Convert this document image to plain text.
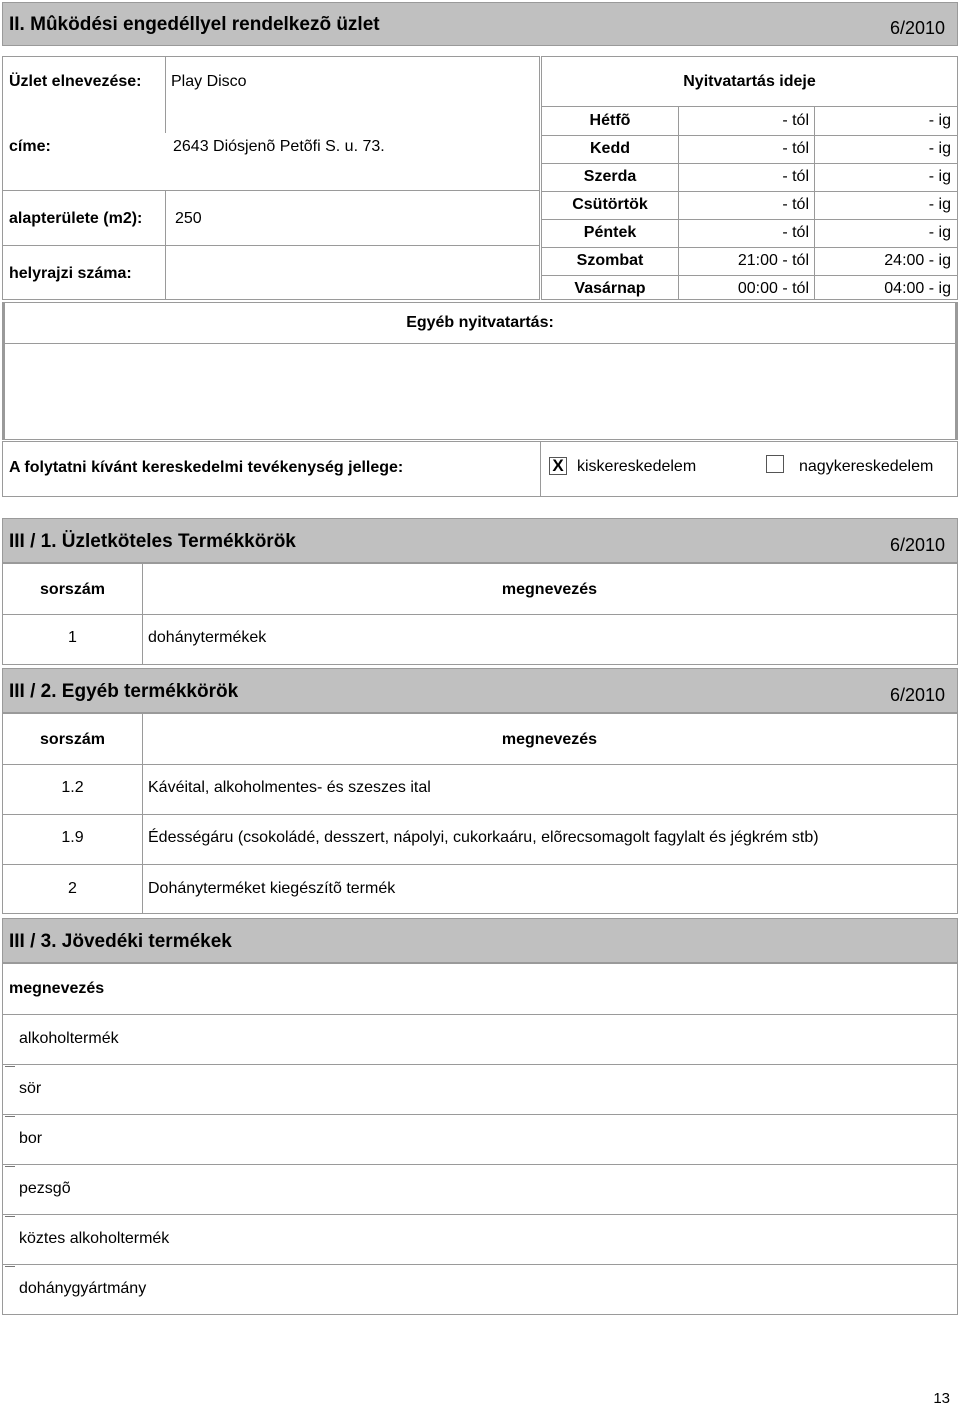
II. Mûködési engedéllyel rendelkezõ üzlet	6/2010
Üzlet elnevezése: Play Disco
címe:	2643 Diósjenõ Petõfi S. u. 73.
alapterülete (m2): 250
helyrajzi száma:
Nyitvatartás ideje
Hétfõ	- tól	- ig
Kedd	- tól	- ig
Szerda	- tól	- ig
Csütörtök	- tól	- ig
Péntek	- tól	- ig
Szombat	21:00 - tól	24:00 - ig
Vasárnap	00:00 - tól	04:00 - ig
Egyéb nyitvatartás:
A folytatni kívánt kereskedelmi tevékenység jellege:	X kiskereskedelem	nagykereskedelem
III / 1. Üzletköteles Termékkörök	6/2010
sorszám	megnevezés
1	dohánytermékek
III / 2. Egyéb termékkörök	6/2010
sorszám	megnevezés
1.2	Kávéital, alkoholmentes- és szeszes ital
1.9	Édességáru (csokoládé, desszert, nápolyi, cukorkaáru, elõrecsomagolt fagylalt és jégkrém stb)
2	Dohányterméket kiegészítõ termék
III / 3. Jövedéki termékek
megnevezés
alkoholtermék
sör
bor
pezsgõ
köztes alkoholtermék
dohánygyártmány
13
